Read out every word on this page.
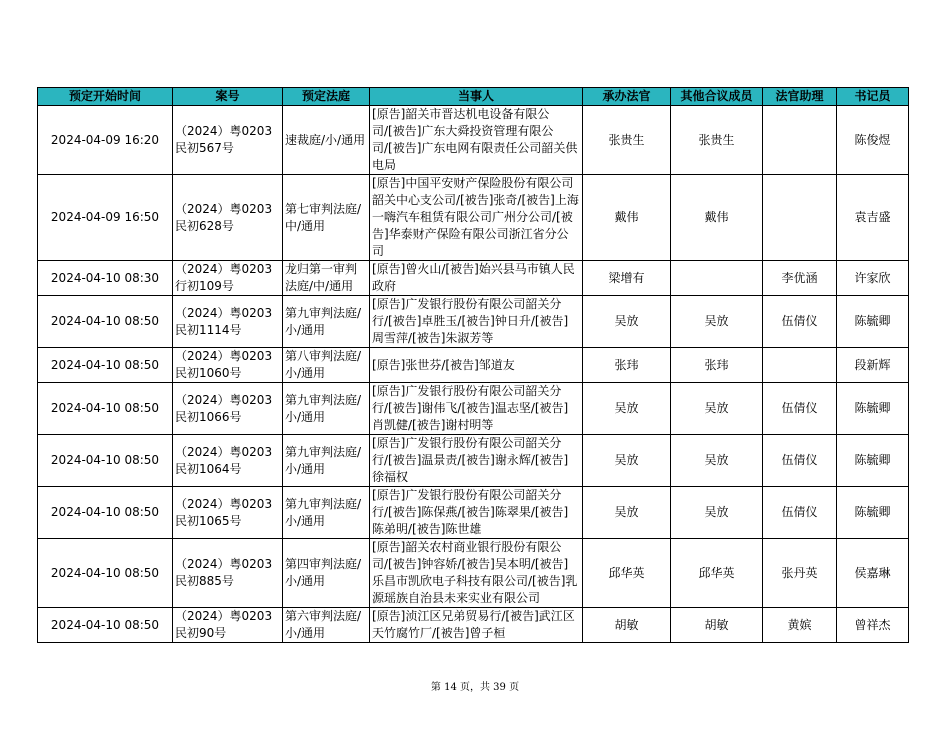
预定开始时间	案号	预定法庭	当事人	承办法官	其他合议成员	法官助理	书记员
2024-04-09 16:20	（2024）粤0203民初567号	速裁庭/小/通用	[原告]韶关市晋达机电设备有限公司/[被告]广东大舜投资管理有限公司/[被告]广东电网有限责任公司韶关供电局	张贵生	张贵生		陈俊煜
2024-04-09 16:50	（2024）粤0203民初628号	第七审判法庭/中/通用	[原告]中国平安财产保险股份有限公司韶关中心支公司/[被告]张奇/[被告]上海一嗨汽车租赁有限公司广州分公司/[被告]华泰财产保险有限公司浙江省分公司	戴伟	戴伟		袁吉盛
2024-04-10 08:30	（2024）粤0203行初109号	龙归第一审判法庭/中/通用	[原告]曾火山/[被告]始兴县马市镇人民政府	梁增有		李优涵	许家欣
2024-04-10 08:50	（2024）粤0203民初1114号	第九审判法庭/小/通用	[原告]广发银行股份有限公司韶关分行/[被告]卓胜玉/[被告]钟日升/[被告]周雪萍/[被告]朱淑芳等	吴放	吴放	伍倩仪	陈毓卿
2024-04-10 08:50	（2024）粤0203民初1060号	第八审判法庭/小/通用	[原告]张世芬/[被告]邹道友	张玮	张玮		段新辉
2024-04-10 08:50	（2024）粤0203民初1066号	第九审判法庭/小/通用	[原告]广发银行股份有限公司韶关分行/[被告]谢伟飞/[被告]温志坚/[被告]肖凯健/[被告]谢村明等	吴放	吴放	伍倩仪	陈毓卿
2024-04-10 08:50	（2024）粤0203民初1064号	第九审判法庭/小/通用	[原告]广发银行股份有限公司韶关分行/[被告]温景责/[被告]谢永辉/[被告]徐福权	吴放	吴放	伍倩仪	陈毓卿
2024-04-10 08:50	（2024）粤0203民初1065号	第九审判法庭/小/通用	[原告]广发银行股份有限公司韶关分行/[被告]陈保燕/[被告]陈翠果/[被告]陈弟明/[被告]陈世雄	吴放	吴放	伍倩仪	陈毓卿
2024-04-10 08:50	（2024）粤0203民初885号	第四审判法庭/小/通用	[原告]韶关农村商业银行股份有限公司/[被告]钟容娇/[被告]吴本明/[被告]乐昌市凯欣电子科技有限公司/[被告]乳源瑶族自治县未来实业有限公司	邱华英	邱华英	张丹英	侯嘉琳
2024-04-10 08:50	（2024）粤0203民初90号	第六审判法庭/小/通用	[原告]浈江区兄弟贸易行/[被告]武江区天竹腐竹厂/[被告]曾子桓	胡敏	胡敏	黄嫔	曾祥杰
第 14 页，共 39 页
